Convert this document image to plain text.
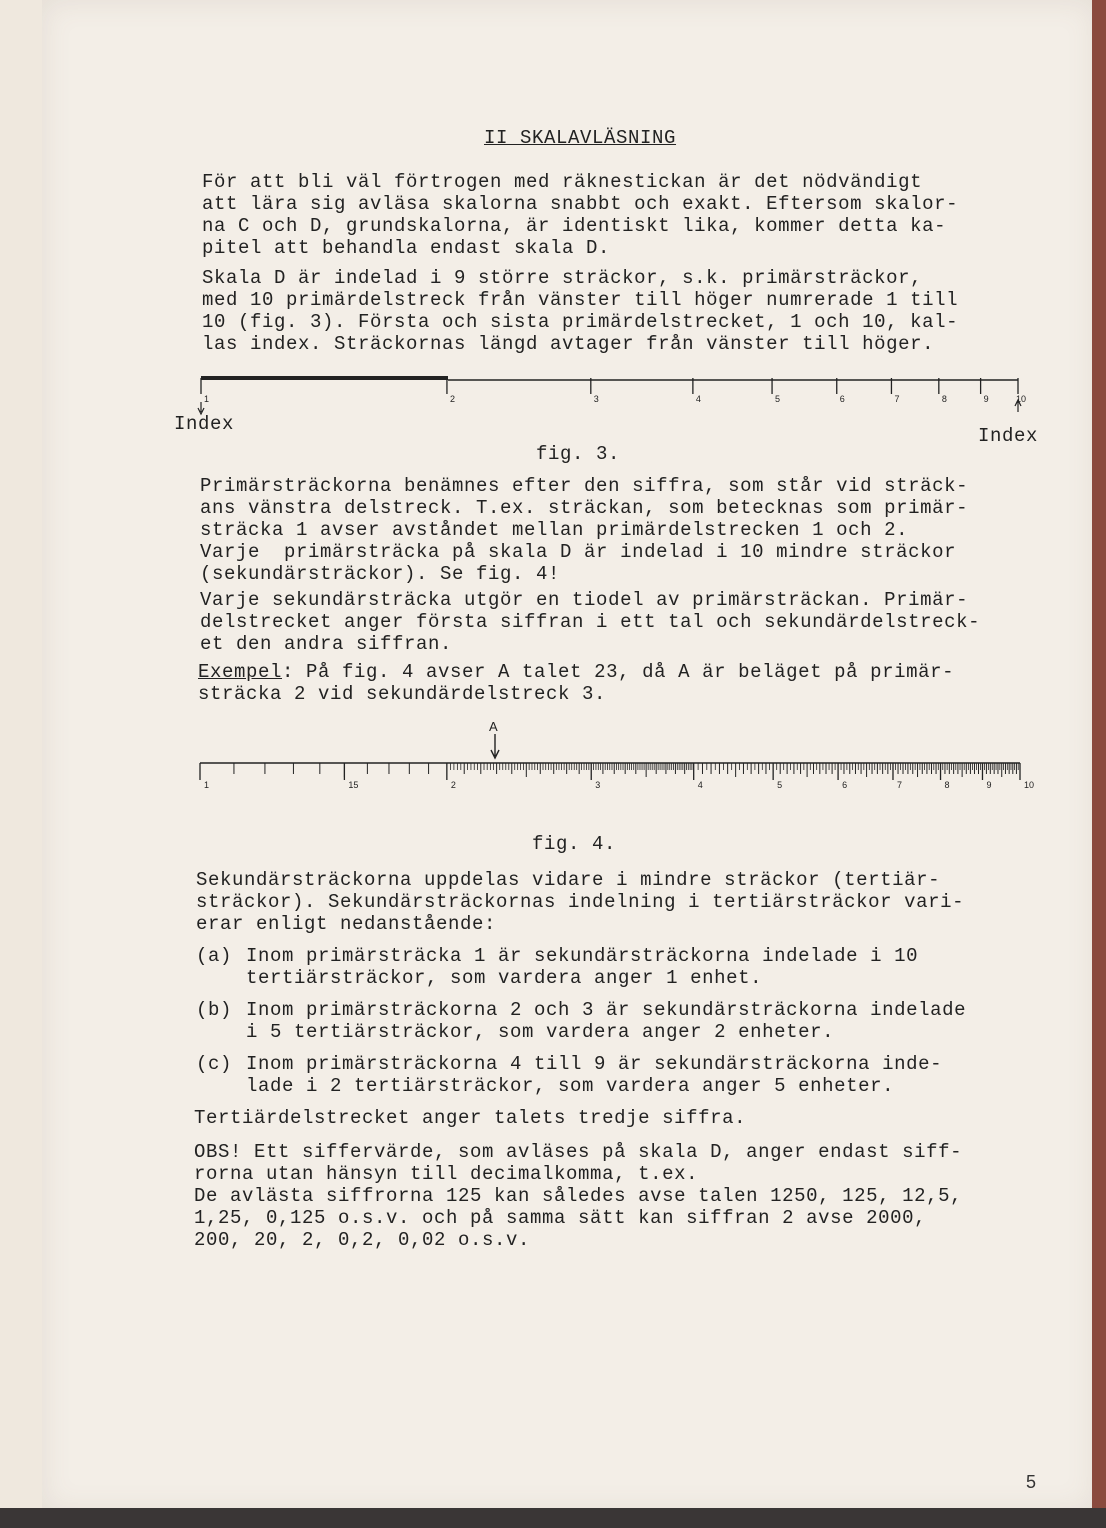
II SKALAVLÄSNING
För att bli väl förtrogen med räknestickan är det nödvändigt
att lära sig avläsa skalorna snabbt och exakt. Eftersom skalor-
na C och D, grundskalorna, är identiskt lika, kommer detta ka-
pitel att behandla endast skala D.
Skala D är indelad i 9 större sträckor, s.k. primärsträckor,
med 10 primärdelstreck från vänster till höger numrerade 1 till
10 (fig. 3). Första och sista primärdelstrecket, 1 och 10, kal-
las index. Sträckornas längd avtager från vänster till höger.
1	2	3	4	5	6	7	8	9	10
Index
Index
fig. 3.
Primärsträckorna benämnes efter den siffra, som står vid sträck-
ans vänstra delstreck. T.ex. sträckan, som betecknas som primär-
sträcka 1 avser avståndet mellan primärdelstrecken 1 och 2.
Varje  primärsträcka på skala D är indelad i 10 mindre sträckor
(sekundärsträckor). Se fig. 4!
Varje sekundärsträcka utgör en tiodel av primärsträckan. Primär-
delstrecket anger första siffran i ett tal och sekundärdelstreck-
et den andra siffran.
Exempel: På fig. 4 avser A talet 23, då A är beläget på primär-
sträcka 2 vid sekundärdelstreck 3.
A
1	15	2	3	4	5	6	7	8	9	10
fig. 4.
Sekundärsträckorna uppdelas vidare i mindre sträckor (tertiär-
sträckor). Sekundärsträckornas indelning i tertiärsträckor vari-
erar enligt nedanstående:
(a) Inom primärsträcka 1 är sekundärsträckorna indelade i 10
tertiärsträckor, som vardera anger 1 enhet.
(b) Inom primärsträckorna 2 och 3 är sekundärsträckorna indelade
i 5 tertiärsträckor, som vardera anger 2 enheter.
(c) Inom primärsträckorna 4 till 9 är sekundärsträckorna inde-
lade i 2 tertiärsträckor, som vardera anger 5 enheter.
Tertiärdelstrecket anger talets tredje siffra.
OBS! Ett siffervärde, som avläses på skala D, anger endast siff-
rorna utan hänsyn till decimalkomma, t.ex.
De avlästa siffrorna 125 kan således avse talen 1250, 125, 12,5,
1,25, 0,125 o.s.v. och på samma sätt kan siffran 2 avse 2000,
200, 20, 2, 0,2, 0,02 o.s.v.
5
